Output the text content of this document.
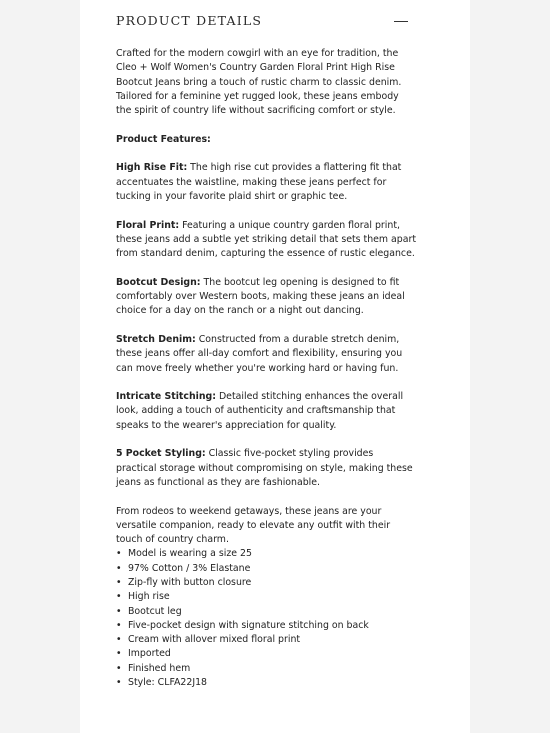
PRODUCT DETAILS

Crafted for the modern cowgirl with an eye for tradition, the Cleo + Wolf Women's Country Garden Floral Print High Rise Bootcut Jeans bring a touch of rustic charm to classic denim. Tailored for a feminine yet rugged look, these jeans embody the spirit of country life without sacrificing comfort or style.

Product Features:

High Rise Fit: The high rise cut provides a flattering fit that accentuates the waistline, making these jeans perfect for tucking in your favorite plaid shirt or graphic tee.

Floral Print: Featuring a unique country garden floral print, these jeans add a subtle yet striking detail that sets them apart from standard denim, capturing the essence of rustic elegance.

Bootcut Design: The bootcut leg opening is designed to fit comfortably over Western boots, making these jeans an ideal choice for a day on the ranch or a night out dancing.

Stretch Denim: Constructed from a durable stretch denim, these jeans offer all-day comfort and flexibility, ensuring you can move freely whether you're working hard or having fun.

Intricate Stitching: Detailed stitching enhances the overall look, adding a touch of authenticity and craftsmanship that speaks to the wearer's appreciation for quality.

5 Pocket Styling: Classic five-pocket styling provides practical storage without compromising on style, making these jeans as functional as they are fashionable.

From rodeos to weekend getaways, these jeans are your versatile companion, ready to elevate any outfit with their touch of country charm.

• Model is wearing a size 25
• 97% Cotton / 3% Elastane
• Zip-fly with button closure
• High rise
• Bootcut leg
• Five-pocket design with signature stitching on back
• Cream with allover mixed floral print
• Imported
• Finished hem
• Style: CLFA22J18
